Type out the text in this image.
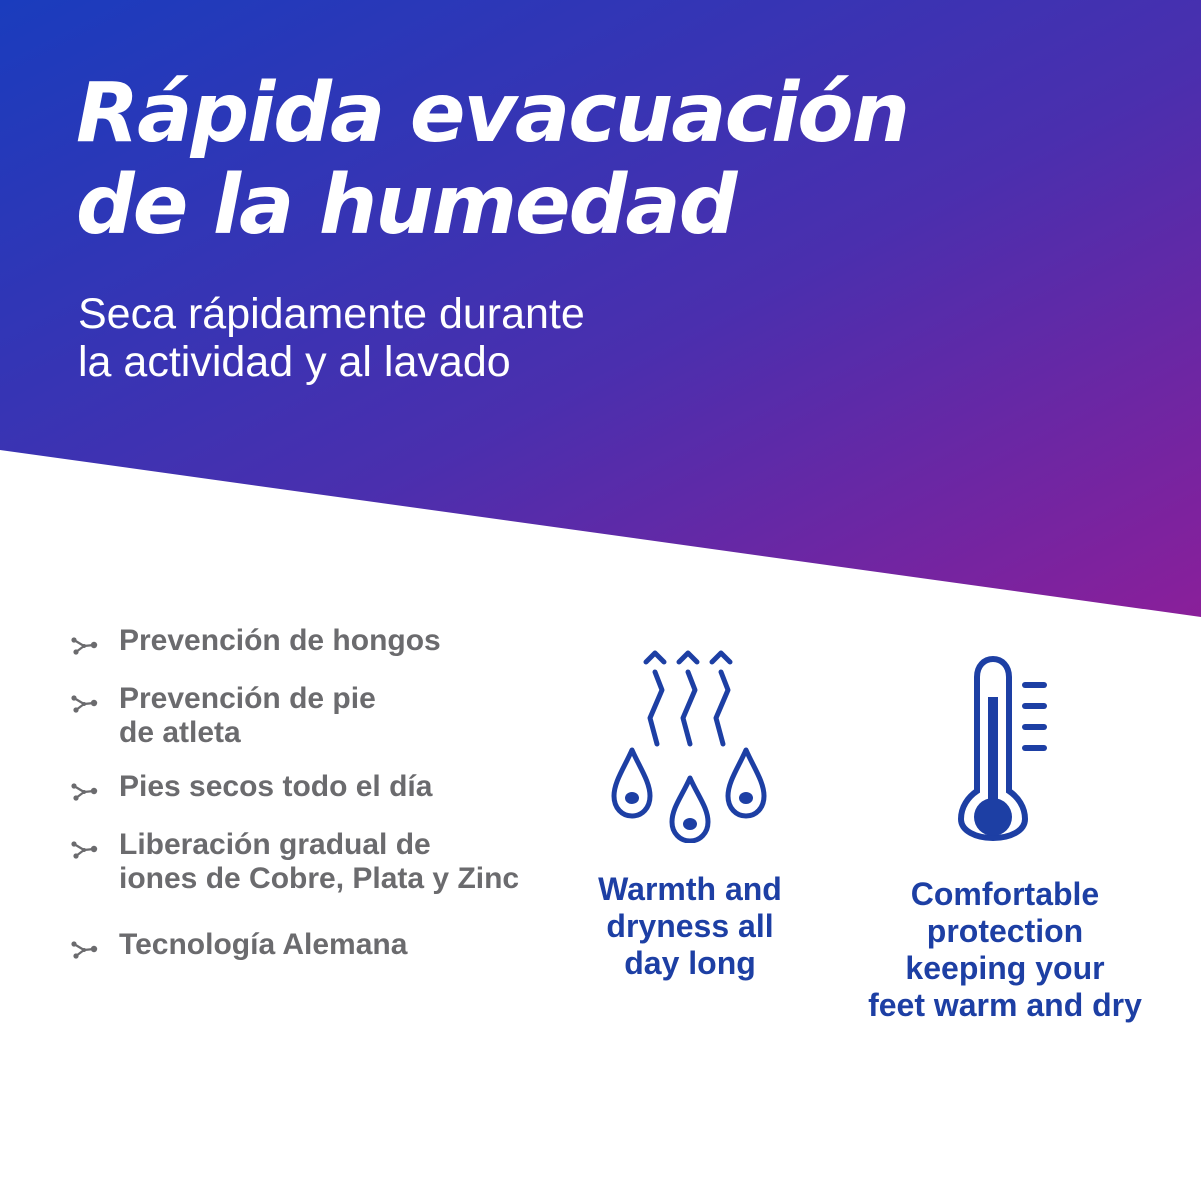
Rápida evacuación
de la humedad

Seca rápidamente durante
la actividad y al lavado

Prevención de hongos
Prevención de pie
de atleta
Pies secos todo el día
Liberación gradual de
iones de Cobre, Plata y Zinc
Tecnología Alemana
Warmth and
dryness all
day long
Comfortable
protection
keeping your
feet warm and dry
